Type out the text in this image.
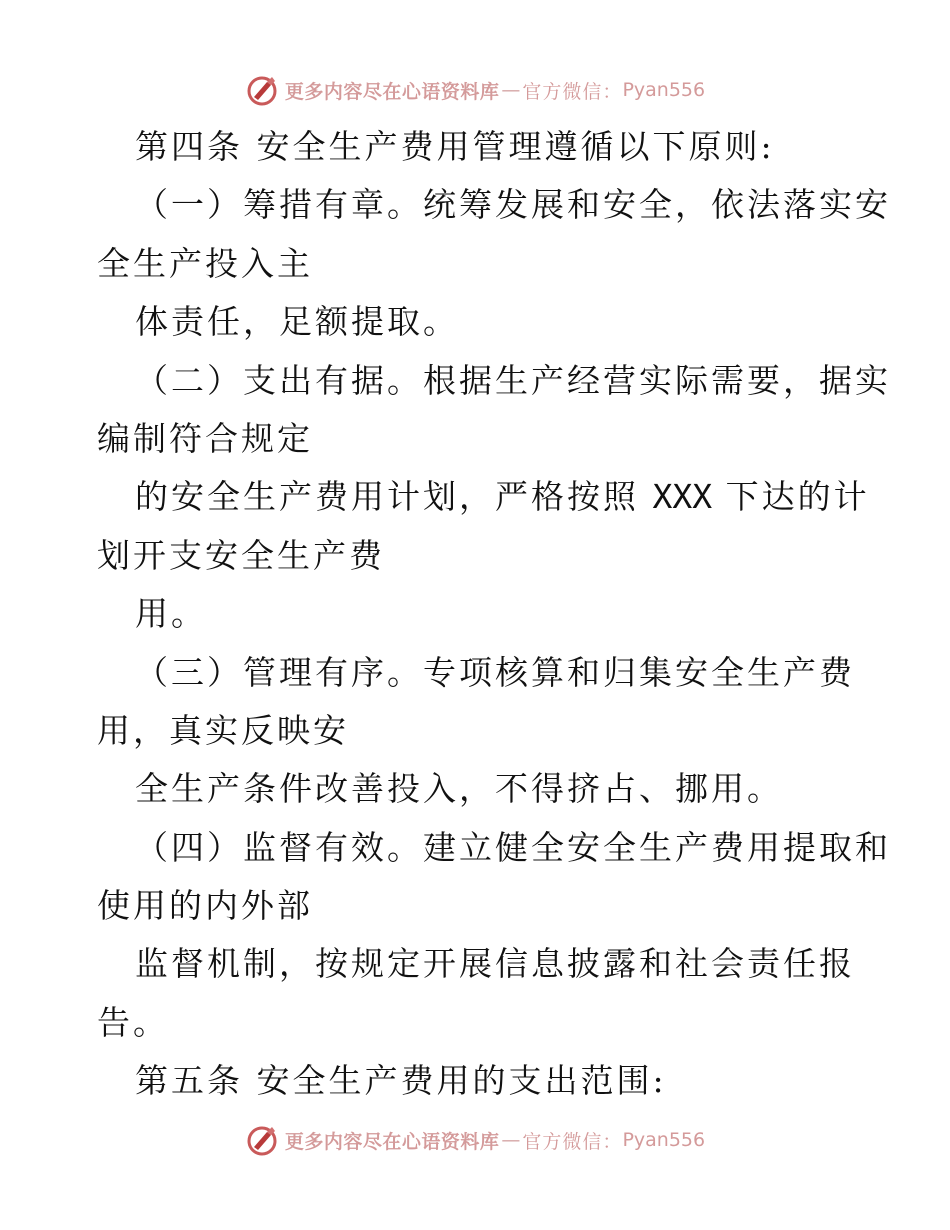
更多内容尽在心语资料库 — 官方微信： Pyan556
第四条 安全生产费用管理遵循以下原则:
（一）筹措有章。统筹发展和安全，依法落实安
全生产投入主
体责任，足额提取。
（二）支出有据。根据生产经营实际需要，据实
编制符合规定
的安全生产费用计划，严格按照 XXX 下达的计
划开支安全生产费
用。
（三）管理有序。专项核算和归集安全生产费
用，真实反映安
全生产条件改善投入，不得挤占、挪用。
（四）监督有效。建立健全安全生产费用提取和
使用的内外部
监督机制，按规定开展信息披露和社会责任报
告。
第五条 安全生产费用的支出范围:
更多内容尽在心语资料库 — 官方微信： Pyan556
